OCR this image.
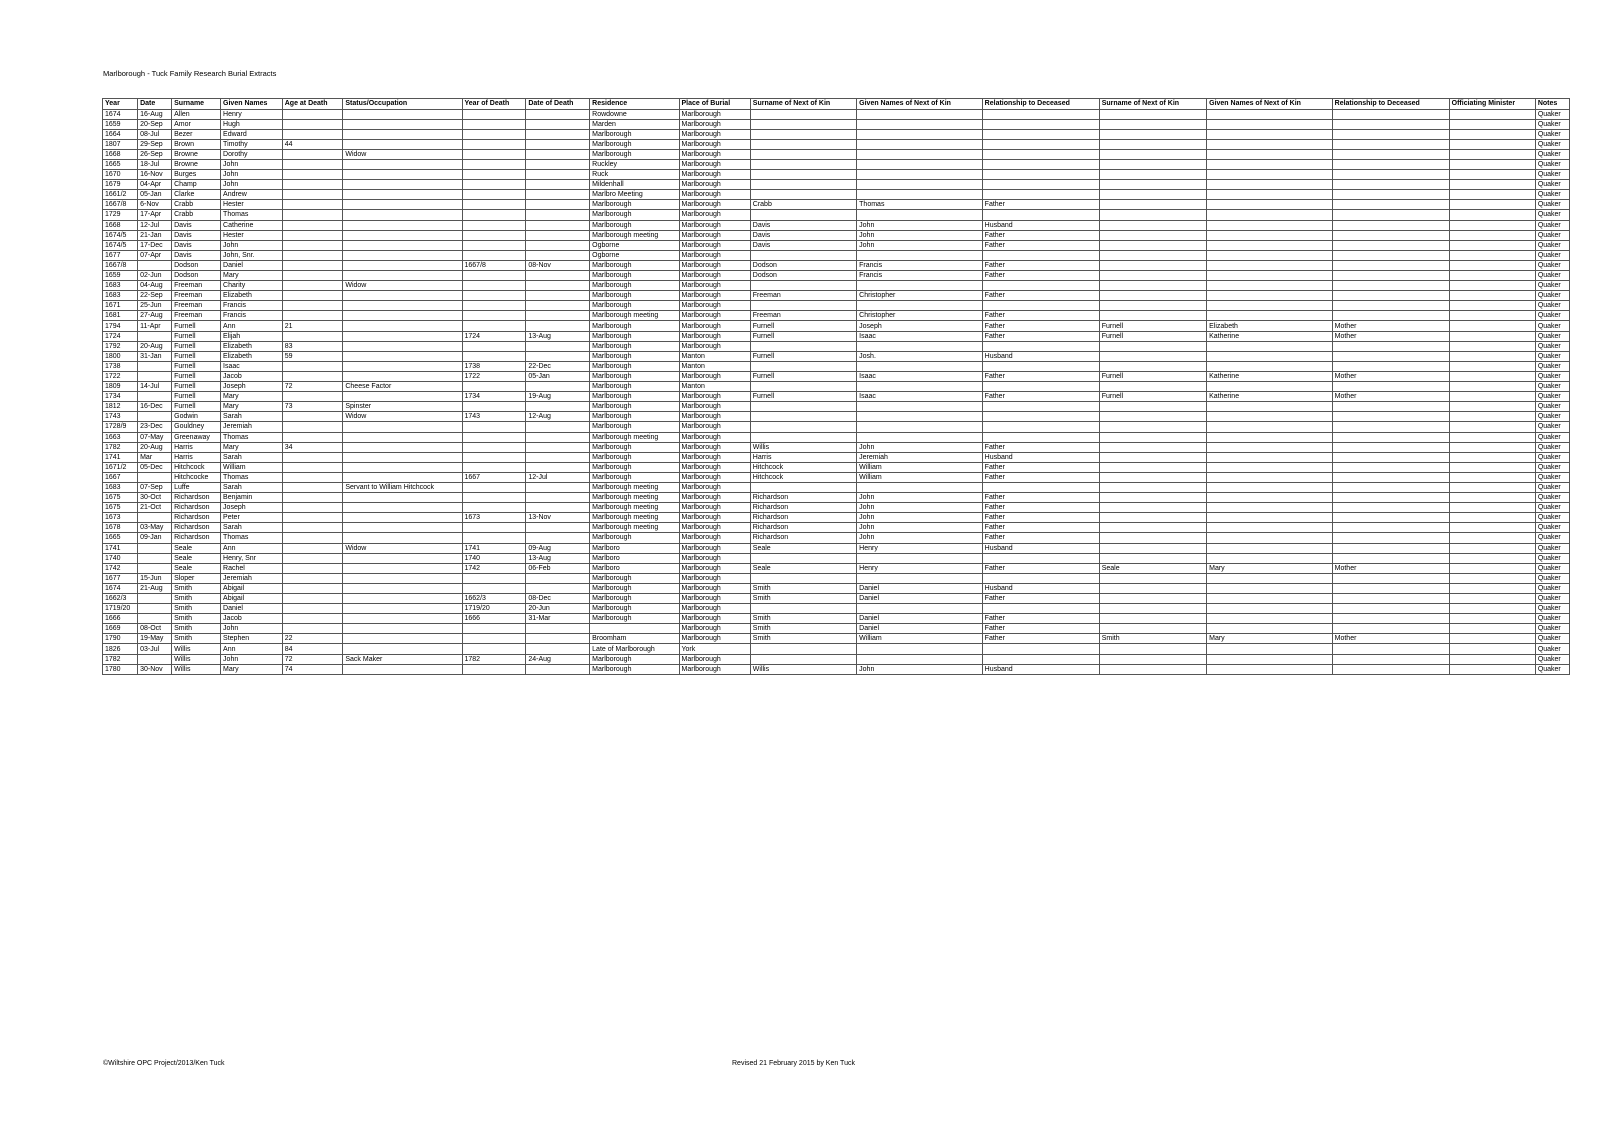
Marlborough - Tuck Family Research Burial Extracts
Year	Date	Surname	Given Names	Age at Death	Status/Occupation	Year of Death	Date of Death	Residence	Place of Burial	Surname of Next of Kin	Given Names of Next of Kin	Relationship to Deceased	Surname of Next of Kin	Given Names of Next of Kin	Relationship to Deceased	Officiating Minister	Notes
1674	16-Aug	Allen	Henry					Rowdowne	Marlborough								Quaker
1659	20-Sep	Amor	Hugh					Marden	Marlborough								Quaker
1664	08-Jul	Bezer	Edward					Marlborough	Marlborough								Quaker
1807	29-Sep	Brown	Timothy	44				Marlborough	Marlborough								Quaker
1668	26-Sep	Browne	Dorothy		Widow			Marlborough	Marlborough								Quaker
1665	18-Jul	Browne	John					Ruckley	Marlborough								Quaker
1670	16-Nov	Burges	John					Ruck	Marlborough								Quaker
1679	04-Apr	Champ	John					Mildenhall	Marlborough								Quaker
1661/2	05-Jan	Clarke	Andrew					Marlbro Meeting	Marlborough								Quaker
1667/8	6-Nov	Crabb	Hester					Marlborough	Marlborough	Crabb	Thomas	Father					Quaker
1729	17-Apr	Crabb	Thomas					Marlborough	Marlborough								Quaker
1668	12-Jul	Davis	Catherine					Marlborough	Marlborough	Davis	John	Husband					Quaker
1674/5	21-Jan	Davis	Hester					Marlborough meeting	Marlborough	Davis	John	Father					Quaker
1674/5	17-Dec	Davis	John					Ogborne	Marlborough	Davis	John	Father					Quaker
1677	07-Apr	Davis	John, Snr.					Ogborne	Marlborough								Quaker
1667/8		Dodson	Daniel			1667/8	08-Nov	Marlborough	Marlborough	Dodson	Francis	Father					Quaker
1659	02-Jun	Dodson	Mary					Marlborough	Marlborough	Dodson	Francis	Father					Quaker
1683	04-Aug	Freeman	Charity		Widow			Marlborough	Marlborough								Quaker
1683	22-Sep	Freeman	Elizabeth					Marlborough	Marlborough	Freeman	Christopher	Father					Quaker
1671	25-Jun	Freeman	Francis					Marlborough	Marlborough								Quaker
1681	27-Aug	Freeman	Francis					Marlborough meeting	Marlborough	Freeman	Christopher	Father					Quaker
1794	11-Apr	Furnell	Ann	21				Marlborough	Marlborough	Furnell	Joseph	Father	Furnell	Elizabeth	Mother		Quaker
1724		Furnell	Elijah			1724	13-Aug	Marlborough	Marlborough	Furnell	Isaac	Father	Furnell	Katherine	Mother		Quaker
1792	20-Aug	Furnell	Elizabeth	83				Marlborough	Marlborough								Quaker
1800	31-Jan	Furnell	Elizabeth	59				Marlborough	Manton	Furnell	Josh.	Husband					Quaker
1738		Furnell	Isaac			1738	22-Dec	Marlborough	Manton								Quaker
1722		Furnell	Jacob			1722	05-Jan	Marlborough	Marlborough	Furnell	Isaac	Father	Furnell	Katherine	Mother		Quaker
1809	14-Jul	Furnell	Joseph	72	Cheese Factor			Marlborough	Manton								Quaker
1734		Furnell	Mary			1734	19-Aug	Marlborough	Marlborough	Furnell	Isaac	Father	Furnell	Katherine	Mother		Quaker
1812	16-Dec	Furnell	Mary	73	Spinster			Marlborough	Marlborough								Quaker
1743		Godwin	Sarah		Widow	1743	12-Aug	Marlborough	Marlborough								Quaker
1728/9	23-Dec	Gouldney	Jeremiah					Marlborough	Marlborough								Quaker
1663	07-May	Greenaway	Thomas					Marlborough meeting	Marlborough								Quaker
1782	20-Aug	Harris	Mary	34				Marlborough	Marlborough	Willis	John	Father					Quaker
1741	Mar	Harris	Sarah					Marlborough	Marlborough	Harris	Jeremiah	Husband					Quaker
1671/2	05-Dec	Hitchcock	William					Marlborough	Marlborough	Hitchcock	William	Father					Quaker
1667		Hitchcocke	Thomas			1667	12-Jul	Marlborough	Marlborough	Hitchcock	William	Father					Quaker
1683	07-Sep	Luffe	Sarah		Servant to William Hitchcock			Marlborough meeting	Marlborough								Quaker
1675	30-Oct	Richardson	Benjamin					Marlborough meeting	Marlborough	Richardson	John	Father					Quaker
1675	21-Oct	Richardson	Joseph					Marlborough meeting	Marlborough	Richardson	John	Father					Quaker
1673		Richardson	Peter			1673	13-Nov	Marlborough meeting	Marlborough	Richardson	John	Father					Quaker
1678	03-May	Richardson	Sarah					Marlborough meeting	Marlborough	Richardson	John	Father					Quaker
1665	09-Jan	Richardson	Thomas					Marlborough	Marlborough	Richardson	John	Father					Quaker
1741		Seale	Ann		Widow	1741	09-Aug	Marlboro	Marlborough	Seale	Henry	Husband					Quaker
1740		Seale	Henry, Snr			1740	13-Aug	Marlboro	Marlborough								Quaker
1742		Seale	Rachel			1742	06-Feb	Marlboro	Marlborough	Seale	Henry	Father	Seale	Mary	Mother		Quaker
1677	15-Jun	Sloper	Jeremiah					Marlborough	Marlborough								Quaker
1674	21-Aug	Smith	Abigail					Marlborough	Marlborough	Smith	Daniel	Husband					Quaker
1662/3		Smith	Abigail			1662/3	08-Dec	Marlborough	Marlborough	Smith	Daniel	Father					Quaker
1719/20		Smith	Daniel			1719/20	20-Jun	Marlborough	Marlborough								Quaker
1666		Smith	Jacob			1666	31-Mar	Marlborough	Marlborough	Smith	Daniel	Father					Quaker
1669	08-Oct	Smith	John						Marlborough	Smith	Daniel	Father					Quaker
1790	19-May	Smith	Stephen	22				Broomham	Marlborough	Smith	William	Father	Smith	Mary	Mother		Quaker
1826	03-Jul	Willis	Ann	84				Late of Marlborough	York								Quaker
1782		Willis	John	72	Sack Maker	1782	24-Aug	Marlborough	Marlborough								Quaker
1780	30-Nov	Willis	Mary	74				Marlborough	Marlborough	Willis	John	Husband					Quaker
©Wiltshire OPC Project/2013/Ken Tuck	Revised 21 February 2015 by Ken Tuck
